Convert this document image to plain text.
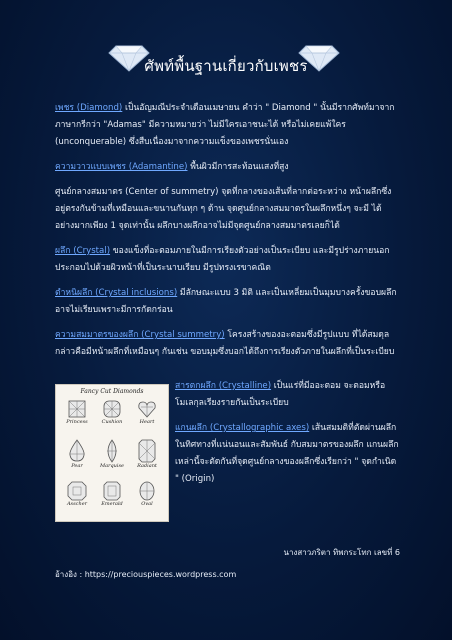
ศัพท์พื้นฐานเกี่ยวกับเพชร

เพชร (Diamond) เป็นอัญมณีประจำเดือนเมษายน คำว่า " Diamond " นั้นมีรากศัพท์มาจากภาษากรีกว่า "Adamas" มีความหมายว่า ไม่มีใครเอาชนะได้ หรือไม่เคยแพ้ใคร (unconquerable) ซึ่งสืบเนื่องมาจากความแข็งของเพชรนั่นเอง

ความวาวแบบเพชร (Adamantine) พื้นผิวมีการสะท้อนแสงที่สูง

ศูนย์กลางสมมาตร (Center of summetry) จุดที่กลางของเส้นที่ลากต่อระหว่าง หน้าผลึกซึ่งอยู่ตรงกันข้ามที่เหมือนและขนานกันทุก ๆ ด้าน จุดศูนย์กลางสมมาตรในผลึกหนึ่งๆ จะมี ได้อย่างมากเพียง 1 จุดเท่านั้น ผลึกบางผลึกอาจไม่มีจุดศูนย์กลางสมมาตรเลยก็ได้

ผลึก (Crystal) ของแข็งที่อะตอมภายในมีการเรียงตัวอย่างเป็นระเบียบ และมีรูปร่างภายนอกประกอบไปด้วยผิวหน้าที่เป็นระนาบเรียบ มีรูปทรงเรขาคณิต

ตำหนิผลึก (Crystal inclusions) มีลักษณะแบบ 3 มิติ และเป็นเหลี่ยมเป็นมุมบางครั้งขอบผลึก อาจไม่เรียบเพราะมีการกัดกร่อน

ความสมมาตรของผลึก (Crystal summetry) โครงสร้างของอะตอมซึ่งมีรูปแบบ ที่ได้สมดุล กล่าวคือมีหน้าผลึกที่เหมือนๆ กันเช่น ขอบมุมซึ่งบอกได้ถึงการเรียงตัวภายในผลึกที่เป็นระเบียบ

Fancy Cut Diamonds
Princess	Cushion	Heart
Pear	Marquise	Radiant
Asscher	Emerald	Oval

สารตกผลึก (Crystalline) เป็นแร่ที่มีออะตอม จะตอมหรือโมเลกุลเรียงรายกันเป็นระเบียบ

แกนผลึก (Crystallographic axes) เส้นสมมติที่ตัดผ่านผลึกในทิศทางที่แน่นอนและสัมพันธ์ กับสมมาตรของผลึก แกนผลึกเหล่านี้จะตัดกันที่จุดศูนย์กลางของผลึกซึ่งเรียกว่า " จุดกำเนิด " (Origin)

นางสาวภริตา ทิพกระโทก เลขที่ 6
อ้างอิง : https://preciouspieces.wordpress.com
